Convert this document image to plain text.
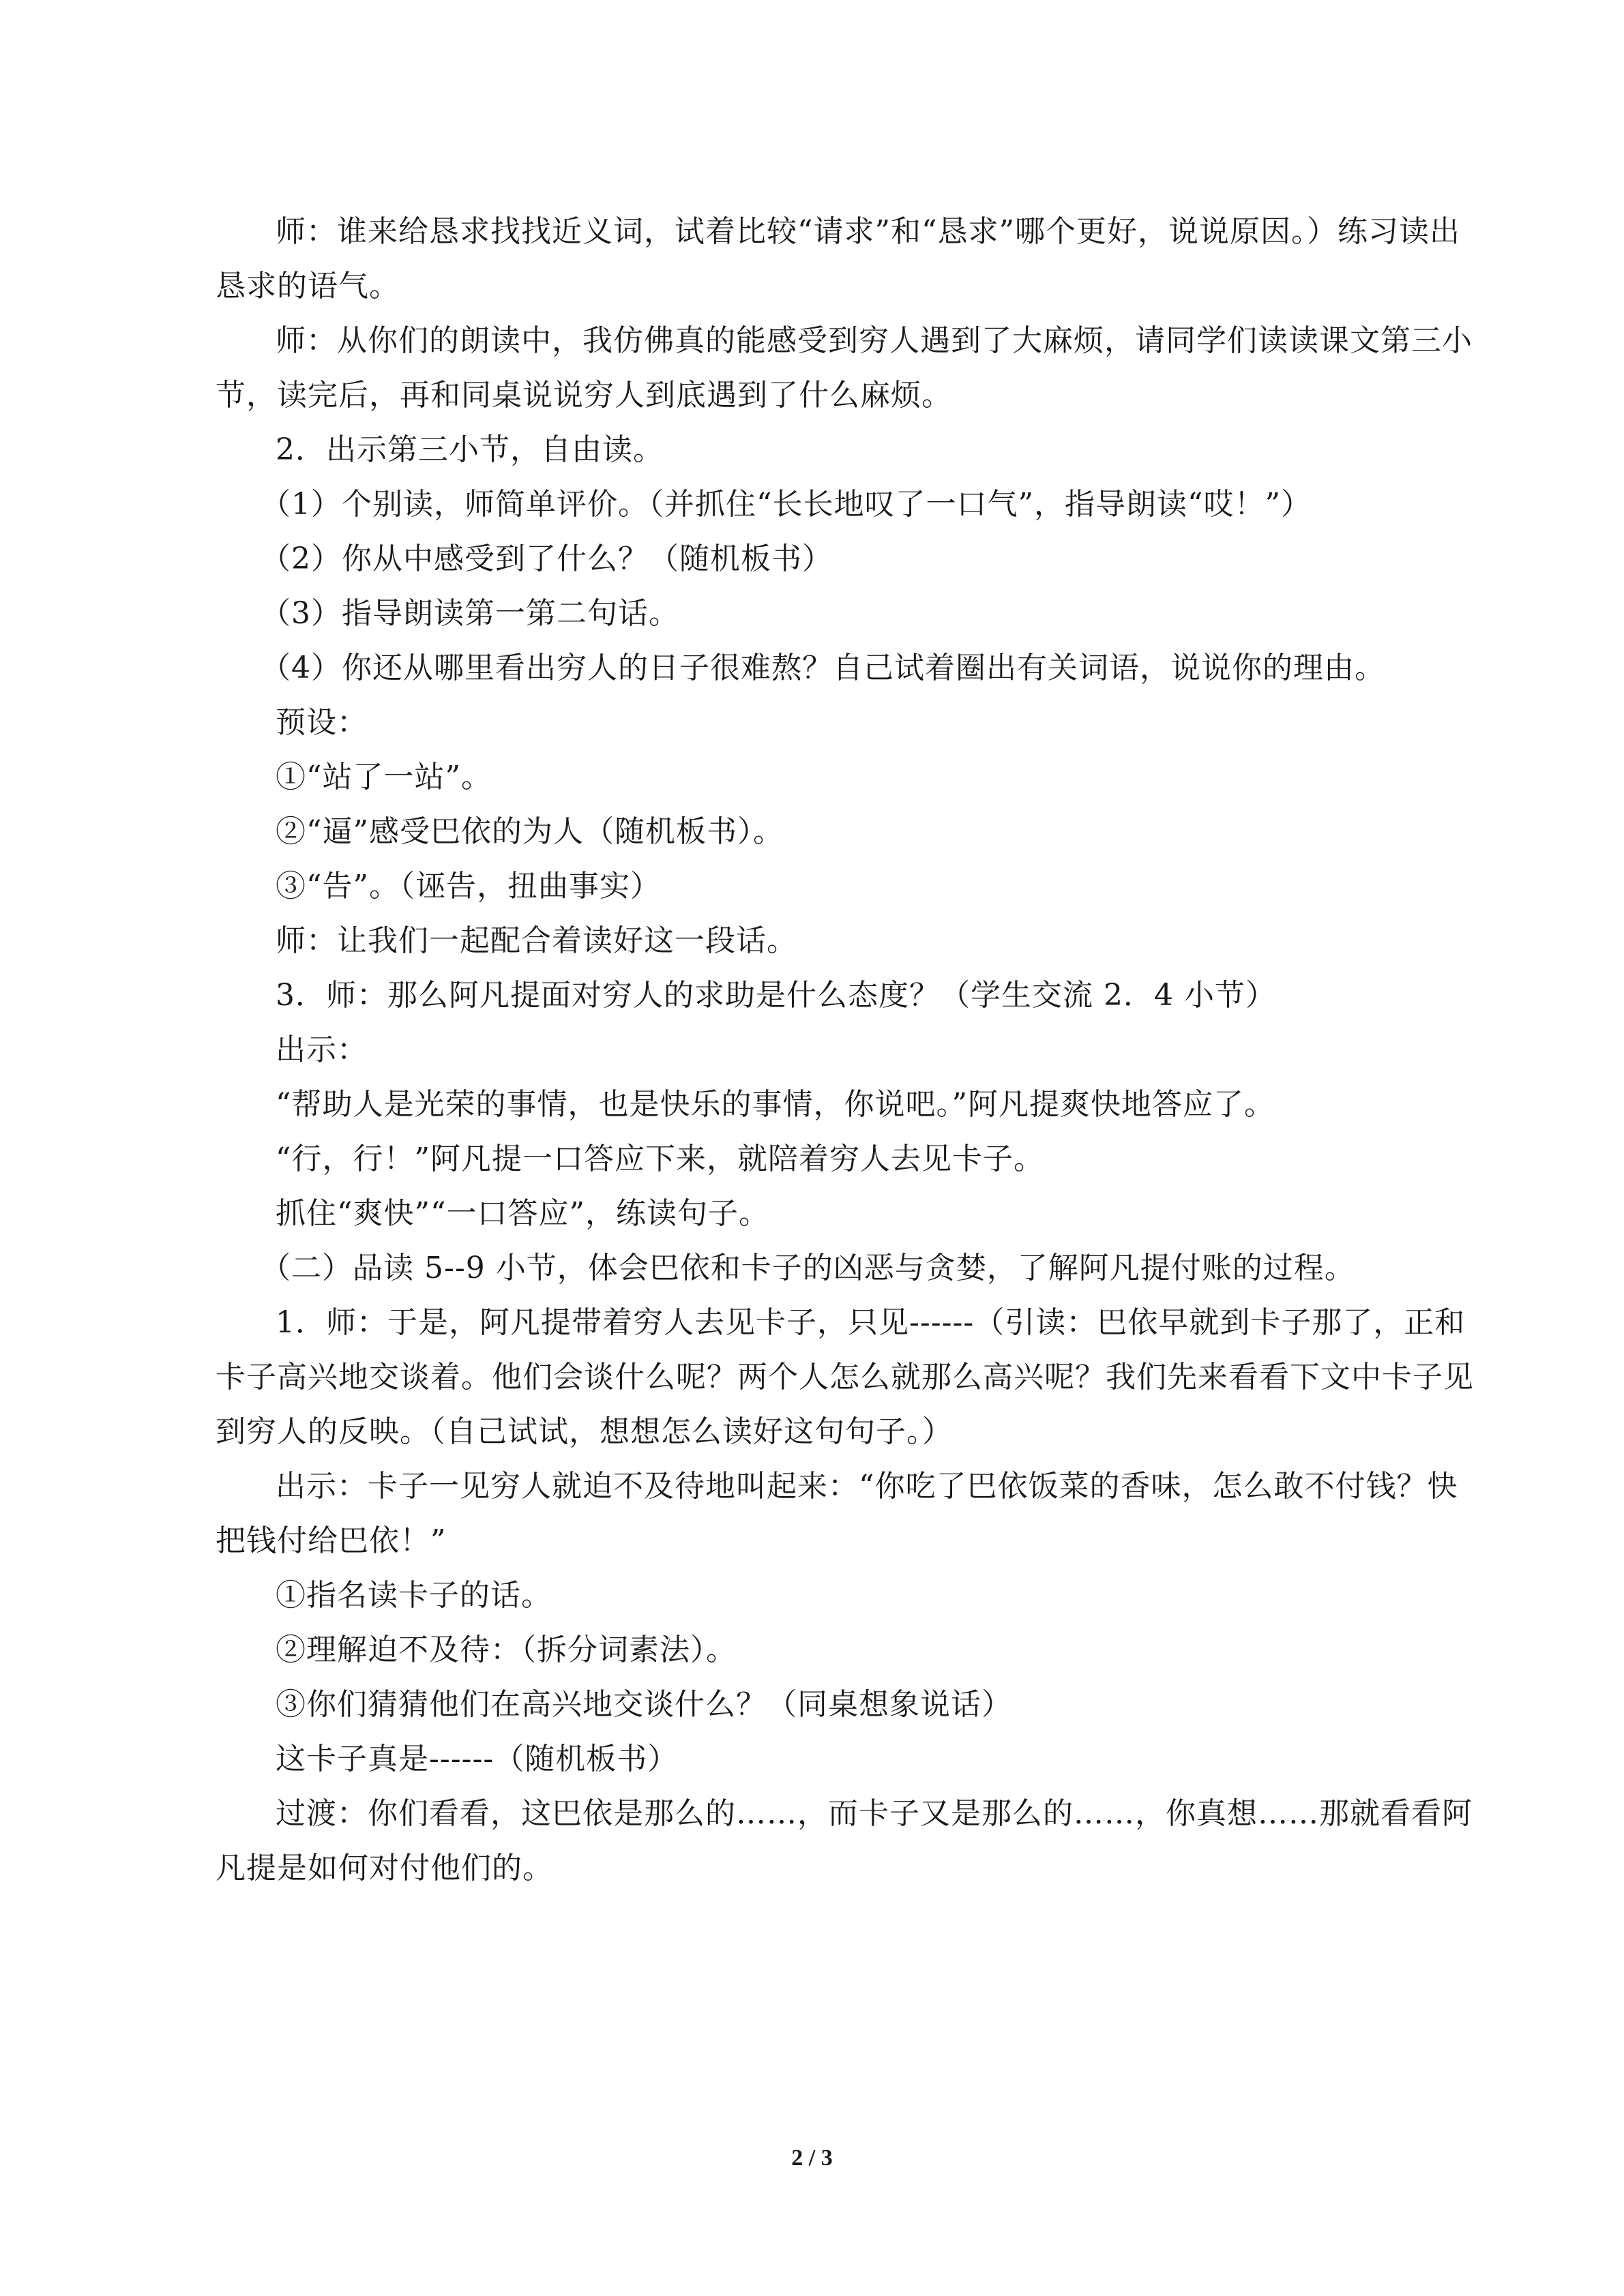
师：谁来给恳求找找近义词，试着比较“请求”和“恳求”哪个更好，说说原因。）练习读出恳求的语气。

师：从你们的朗读中，我仿佛真的能感受到穷人遇到了大麻烦，请同学们读读课文第三小节，读完后，再和同桌说说穷人到底遇到了什么麻烦。

2．出示第三小节，自由读。

（1）个别读，师简单评价。（并抓住“长长地叹了一口气”，指导朗读“哎！”）

（2）你从中感受到了什么？（随机板书）

（3）指导朗读第一第二句话。

（4）你还从哪里看出穷人的日子很难熬？自己试着圈出有关词语，说说你的理由。

预设：

①“站了一站”。

②“逼”感受巴依的为人（随机板书）。

③“告”。（诬告，扭曲事实）

师：让我们一起配合着读好这一段话。

3．师：那么阿凡提面对穷人的求助是什么态度？（学生交流 2．4 小节）

出示：

“帮助人是光荣的事情，也是快乐的事情，你说吧。”阿凡提爽快地答应了。

“行，行！”阿凡提一口答应下来，就陪着穷人去见卡子。

抓住“爽快”“一口答应”，练读句子。

（二）品读 5--9 小节，体会巴依和卡子的凶恶与贪婪，了解阿凡提付账的过程。

1．师：于是，阿凡提带着穷人去见卡子，只见------（引读：巴依早就到卡子那了，正和卡子高兴地交谈着。他们会谈什么呢？两个人怎么就那么高兴呢？我们先来看看下文中卡子见到穷人的反映。（自己试试，想想怎么读好这句句子。）

出示：卡子一见穷人就迫不及待地叫起来：“你吃了巴依饭菜的香味，怎么敢不付钱？快把钱付给巴依！”

①指名读卡子的话。

②理解迫不及待：（拆分词素法）。

③你们猜猜他们在高兴地交谈什么？（同桌想象说话）

这卡子真是------（随机板书）

过渡：你们看看，这巴依是那么的……，而卡子又是那么的……，你真想……那就看看阿凡提是如何对付他们的。

2 / 3
